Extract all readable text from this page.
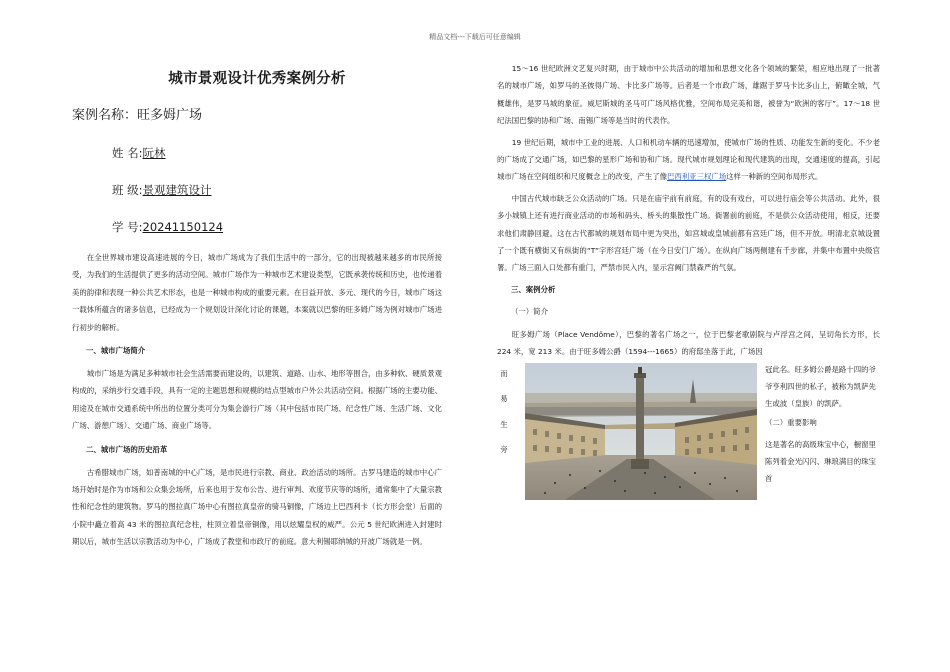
精品文档---下载后可任意编辑
城市景观设计优秀案例分析
案例名称：旺多姆广场
姓 名:阮林
班 级:景观建筑设计
学 号:20241150124

在全世界城市建设高速进展的今日，城市广场成为了我们生活中的一部分，它的出现被越来越多的市民所接受，为我们的生活提供了更多的活动空间。城市广场作为一种城市艺术建设类型，它既承袭传统和历史，也传递着美的韵律和表现一种公共艺术形态，也是一种城市构成的重要元素。在日益开放、多元、现代的今日，城市广场这一载体所蕴含的诸多信息，已经成为一个规划设计深化讨论的课题，本案就以巴黎的旺多姆广场为例对城市广场进行初步的解析。

一、城市广场简介

城市广场是为满足多种城市社会生活需要而建设的，以建筑、道路、山水、地形等围合，由多种软、硬质景观构成的，采纳步行交通手段，具有一定的主题思想和规模的结点型城市户外公共活动空间。根据广场的主要功能、用途及在城市交通系统中所出的位置分类可分为集会游行广场（其中包括市民广场、纪念性广场、生活广场、文化广场、游憩广场）、交通广场、商业广场等。

二、城市广场的历史沿革

古希腊城市广场，如普南城的中心广场，是市民进行宗教、商业、政治活动的场所。古罗马建造的城市中心广场开始时是作为市场和公众集会场所，后来也用于发布公告、进行审判、欢度节庆等的场所，通常集中了大量宗教性和纪念性的建筑物。罗马的图拉真广场中心有图拉真皇帝的骑马铜像，广场边上巴西利卡（长方形会堂）后面的小院中矗立着高 43 米的图拉真纪念柱，柱顶立着皇帝铜像，用以炫耀皇权的威严。公元 5 世纪欧洲进入封建时期以后，城市生活以宗教活动为中心，广场成了教堂和市政厅的前庭。意大利锡耶纳城的开波广场就是一例。

15～16 世纪欧洲文艺复兴时期，由于城市中公共活动的增加和思想文化各个领域的繁荣，相应地出现了一批著名的城市广场，如罗马的圣彼得广场、卡比多广场等。后者是一个市政广场，雄踞于罗马卡比多山上，俯瞰全城，气概雄伟，是罗马城的象征。威尼斯城的圣马可广场风格优雅，空间布局完美和谐，被誉为“欧洲的客厅”。17～18 世纪法国巴黎的协和广场、南锡广场等是当时的代表作。

19 世纪后期，城市中工业的进展、人口和机动车辆的迅速增加，使城市广场的性质、功能发生新的变化。不少老的广场成了交通广场，如巴黎的星形广场和协和广场。现代城市规划理论和现代建筑的出现，交通速度的提高，引起城市广场在空间组织和尺度概念上的改变，产生了像巴西利亚三权广场这样一种新的空间布局形式。

中国古代城市缺乏公众活动的广场。只是在庙宇前有前庭，有的设有戏台，可以进行庙会等公共活动。此外，很多小城镇上还有进行商业活动的市场和码头、桥头的集散性广场。衙署前的前庭，不是供公众活动使用，相反，还要求他们肃静回避。这在古代都城的规划布局中更为突出，如宫城或皇城前都有宫廷广场，但不开放。明清北京城设置了一个既有横街又有纵街的“T”字形宫廷广场（在今日安门广场）。在纵向广场两侧建有千步廊，并集中布置中央级官署。广场三面入口处都有重门，严禁市民入内，显示宫阙门禁森严的气氛。

三、案例分析
（一）简介

旺多姆广场（Place Vendôme），巴黎的著名广场之一，位于巴黎老歌剧院与卢浮宫之间，呈切角长方形，长 224 米，宽 213 米。由于旺多姆公爵（1594---1665）的府邸坐落于此，广场因

而
易
生
旁
冠此名。旺多姆公爵是路十四的爷爷亨利四世的私子，被称为凯萨先生或波（皇族）的凯萨。
（二）重要影响
这是著名的高级珠宝中心，橱窗里陈列着金光闪闪、琳琅满目的珠宝首
